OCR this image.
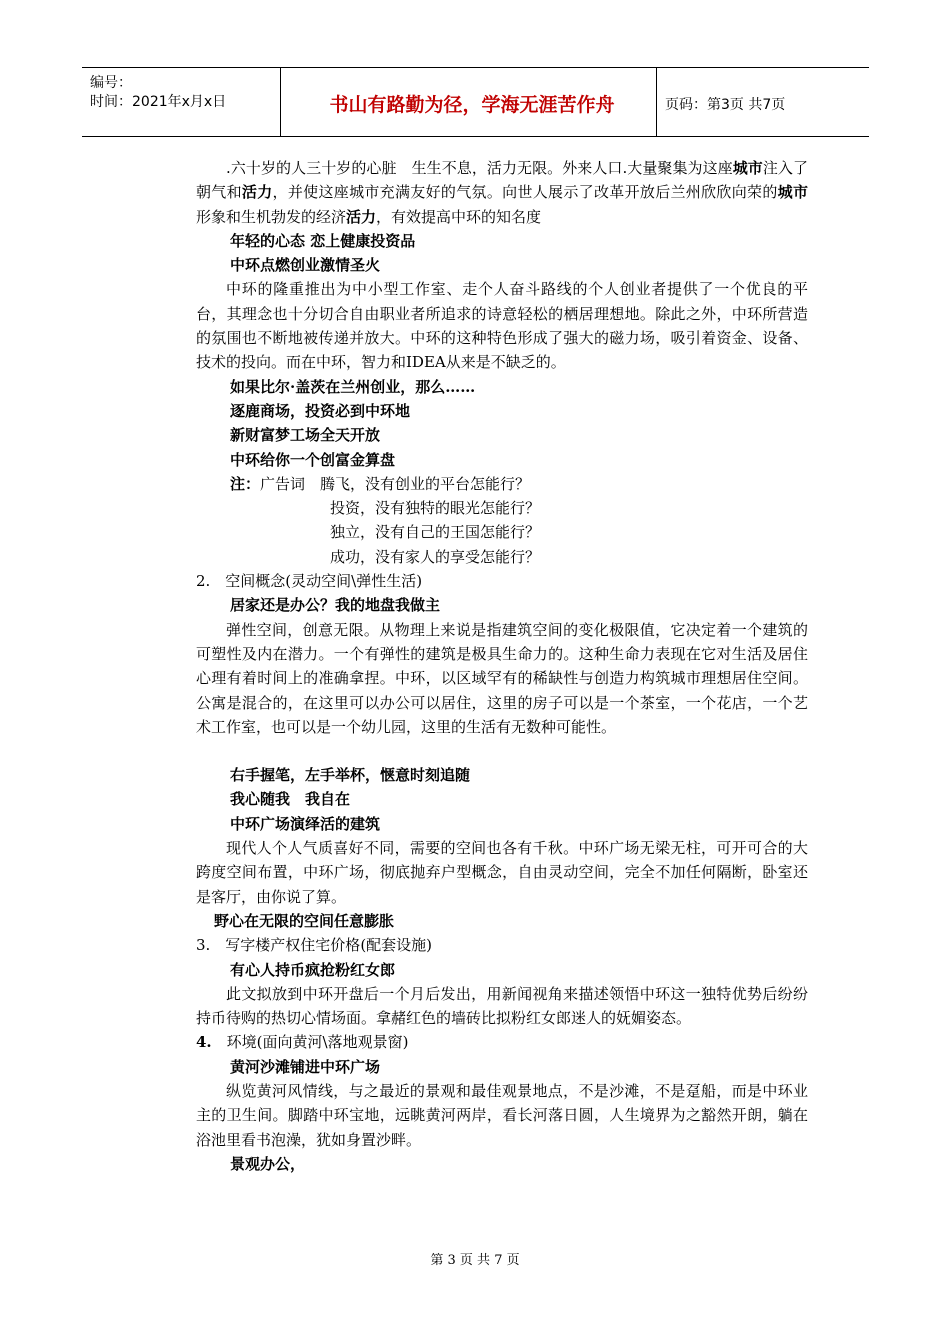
编号：
时间：2021年x月x日	书山有路勤为径，学海无涯苦作舟	页码：第3页 共7页

.六十岁的人三十岁的心脏　生生不息，活力无限。外来人口.大量聚集为这座城市注入了朝气和活力，并使这座城市充满友好的气氛。向世人展示了改革开放后兰州欣欣向荣的城市形象和生机勃发的经济活力，有效提高中环的知名度

年轻的心态 恋上健康投资品
中环点燃创业激情圣火

中环的隆重推出为中小型工作室、走个人奋斗路线的个人创业者提供了一个优良的平台，其理念也十分切合自由职业者所追求的诗意轻松的栖居理想地。除此之外，中环所营造的氛围也不断地被传递并放大。中环的这种特色形成了强大的磁力场，吸引着资金、设备、技术的投向。而在中环，智力和IDEA从来是不缺乏的。

如果比尔·盖茨在兰州创业，那么……
逐鹿商场，投资必到中环地
新财富梦工场全天开放
中环给你一个创富金算盘
注：广告词　腾飞，没有创业的平台怎能行？
投资，没有独特的眼光怎能行？
独立，没有自己的王国怎能行？
成功，没有家人的享受怎能行？
2.　空间概念(灵动空间\弹性生活)
居家还是办公？我的地盘我做主

弹性空间，创意无限。从物理上来说是指建筑空间的变化极限值，它决定着一个建筑的可塑性及内在潜力。一个有弹性的建筑是极具生命力的。这种生命力表现在它对生活及居住心理有着时间上的准确拿捏。中环，以区域罕有的稀缺性与创造力构筑城市理想居住空间。公寓是混合的，在这里可以办公可以居住，这里的房子可以是一个茶室，一个花店，一个艺术工作室，也可以是一个幼儿园，这里的生活有无数种可能性。

右手握笔，左手举杯，惬意时刻追随
我心随我　我自在
中环广场演绎活的建筑

现代人个人气质喜好不同，需要的空间也各有千秋。中环广场无梁无柱，可开可合的大跨度空间布置，中环广场，彻底抛弃户型概念，自由灵动空间，完全不加任何隔断，卧室还是客厅，由你说了算。

野心在无限的空间任意膨胀
3.　写字楼产权住宅价格(配套设施)
有心人持币疯抢粉红女郎

此文拟放到中环开盘后一个月后发出，用新闻视角来描述领悟中环这一独特优势后纷纷持币待购的热切心情场面。拿赭红色的墙砖比拟粉红女郎迷人的妩媚姿态。

4.　环境(面向黄河\落地观景窗)
黄河沙滩铺进中环广场

纵览黄河风情线，与之最近的景观和最佳观景地点，不是沙滩，不是趸船，而是中环业主的卫生间。脚踏中环宝地，远眺黄河两岸，看长河落日圆，人生境界为之豁然开朗，躺在浴池里看书泡澡，犹如身置沙畔。

景观办公，
第 3 页 共 7 页
